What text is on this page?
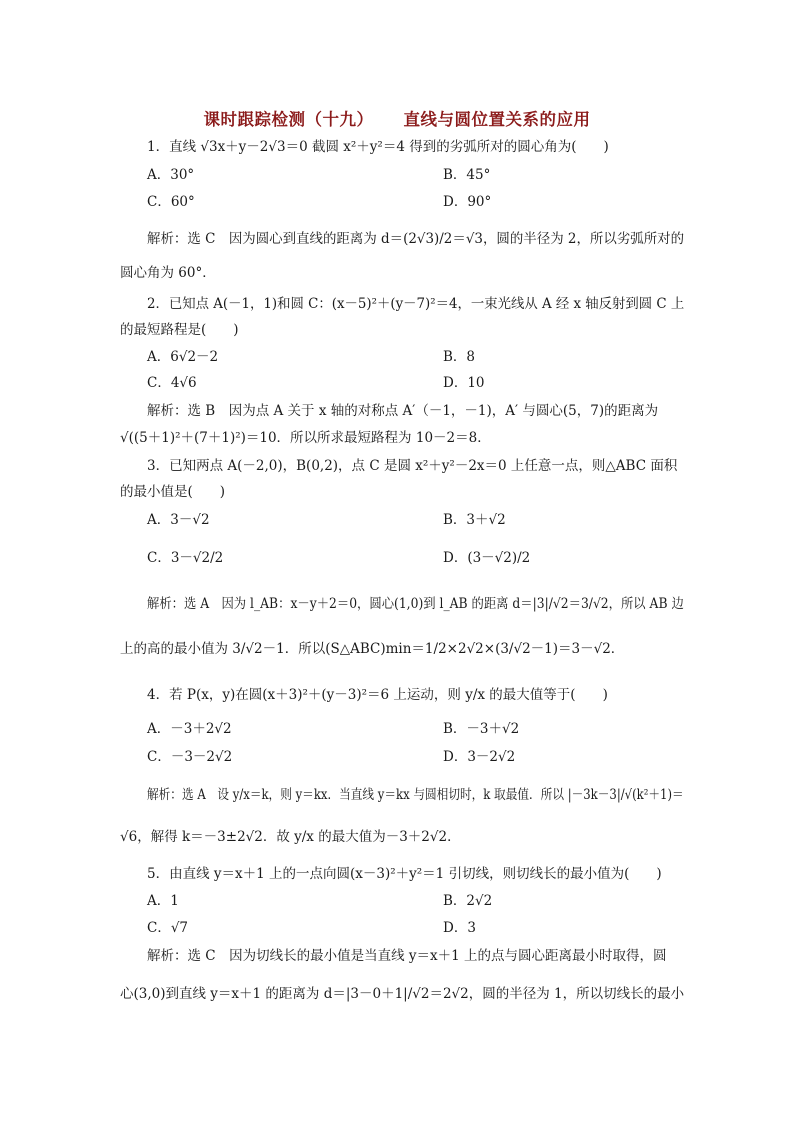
课时跟踪检测（十九） 直线与圆位置关系的应用
1．直线 √3x＋y－2√3＝0 截圆 x²＋y²＝4 得到的劣弧所对的圆心角为(　　)
A．30°	B．45°
C．60°	D．90°
解析：选 C　因为圆心到直线的距离为 d＝(2√3)/2＝√3，圆的半径为 2，所以劣弧所对的
圆心角为 60°．
2．已知点 A(－1，1)和圆 C：(x－5)²＋(y－7)²＝4，一束光线从 A 经 x 轴反射到圆 C 上
的最短路程是(　　)
A．6√2－2	B．8
C．4√6	D．10
解析：选 B　因为点 A 关于 x 轴的对称点 A′（－1，－1)，A′ 与圆心(5，7)的距离为
√((5＋1)²＋(7＋1)²)＝10．所以所求最短路程为 10－2＝8．
3．已知两点 A(－2,0)，B(0,2)，点 C 是圆 x²＋y²－2x＝0 上任意一点，则△ABC 面积
的最小值是(　　)
A．3－√2	B．3＋√2
C．3－√2/2	D．(3－√2)/2
解析：选 A　因为 l_AB：x－y＋2＝0，圆心(1,0)到 l_AB 的距离 d＝|3|/√2＝3/√2，所以 AB 边
上的高的最小值为 3/√2－1．所以(S△ABC)min＝1/2×2√2×(3/√2－1)＝3－√2．
4．若 P(x，y)在圆(x＋3)²＋(y－3)²＝6 上运动，则 y/x 的最大值等于(　　)
A．－3＋2√2	B．－3＋√2
C．－3－2√2	D．3－2√2
解析：选 A　设 y/x＝k，则 y＝kx．当直线 y＝kx 与圆相切时，k 取最值．所以 |－3k－3|/√(k²＋1)＝
√6，解得 k＝－3±2√2．故 y/x 的最大值为－3＋2√2．
5．由直线 y＝x＋1 上的一点向圆(x－3)²＋y²＝1 引切线，则切线长的最小值为(　　)
A．1	B．2√2
C．√7	D．3
解析：选 C　因为切线长的最小值是当直线 y＝x＋1 上的点与圆心距离最小时取得，圆
心(3,0)到直线 y＝x＋1 的距离为 d＝|3－0＋1|/√2＝2√2，圆的半径为 1，所以切线长的最小
